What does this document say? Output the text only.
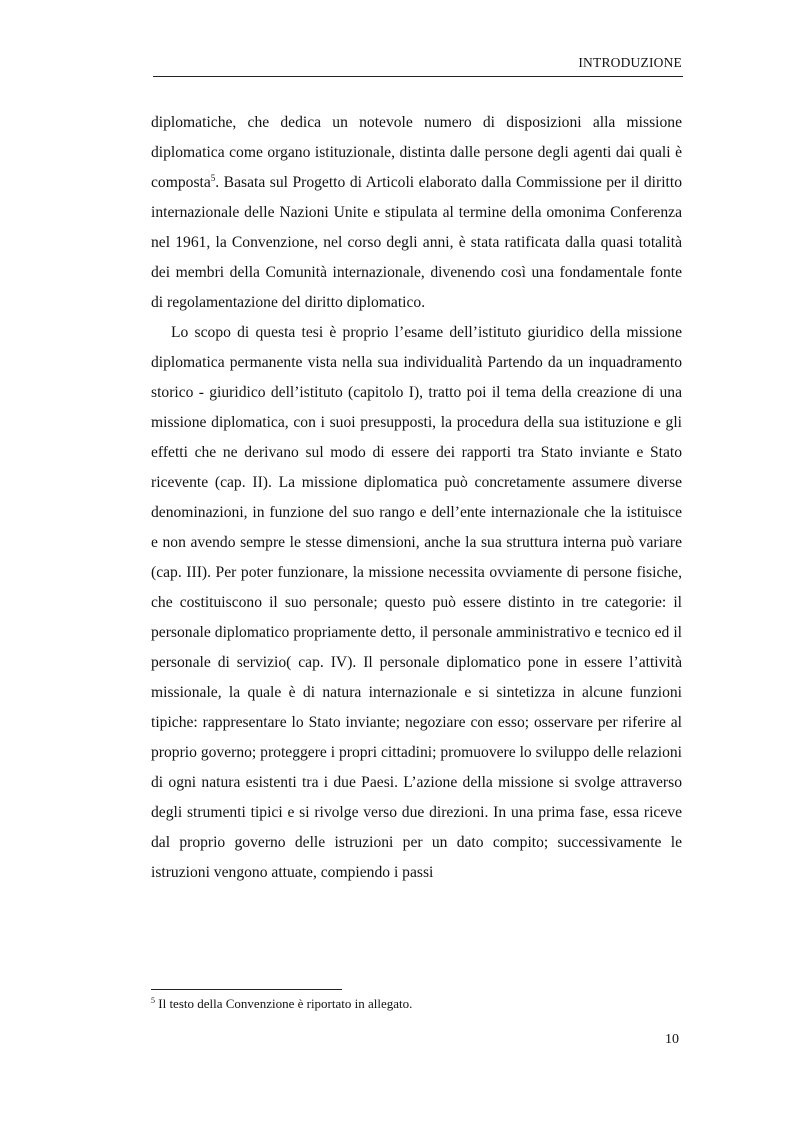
INTRODUZIONE

diplomatiche, che dedica un notevole numero di disposizioni alla missione diplomatica come organo istituzionale, distinta dalle persone degli agenti dai quali è composta$^5$. Basata sul Progetto di Articoli elaborato dalla Commissione per il diritto internazionale delle Nazioni Unite e stipulata al termine della omonima Conferenza nel 1961, la Convenzione, nel corso degli anni, è stata ratificata dalla quasi totalità dei membri della Comunità internazionale, divenendo così una fondamentale fonte di regolamentazione del diritto diplomatico.

Lo scopo di questa tesi è proprio l’esame dell’istituto giuridico della missione diplomatica permanente vista nella sua individualità Partendo da un inquadramento storico - giuridico dell’istituto (capitolo I), tratto poi il tema della creazione di una missione diplomatica, con i suoi presupposti, la procedura della sua istituzione e gli effetti che ne derivano sul modo di essere dei rapporti tra Stato inviante e Stato ricevente (cap. II). La missione diplomatica può concretamente assumere diverse denominazioni, in funzione del suo rango e dell’ente internazionale che la istituisce e non avendo sempre le stesse dimensioni, anche la sua struttura interna può variare (cap. III). Per poter funzionare, la missione necessita ovviamente di persone fisiche, che costituiscono il suo personale; questo può essere distinto in tre categorie: il personale diplomatico propriamente detto, il personale amministrativo e tecnico ed il personale di servizio( cap. IV). Il personale diplomatico pone in essere l’attività missionale, la quale è di natura internazionale e si sintetizza in alcune funzioni tipiche: rappresentare lo Stato inviante; negoziare con esso; osservare per riferire al proprio governo; proteggere i propri cittadini; promuovere lo sviluppo delle relazioni di ogni natura esistenti tra i due Paesi. L’azione della missione si svolge attraverso degli strumenti tipici e si rivolge verso due direzioni. In una prima fase, essa riceve dal proprio governo delle istruzioni per un dato compito; successivamente le istruzioni vengono attuate, compiendo i passi

$^5$ Il testo della Convenzione è riportato in allegato.
10
